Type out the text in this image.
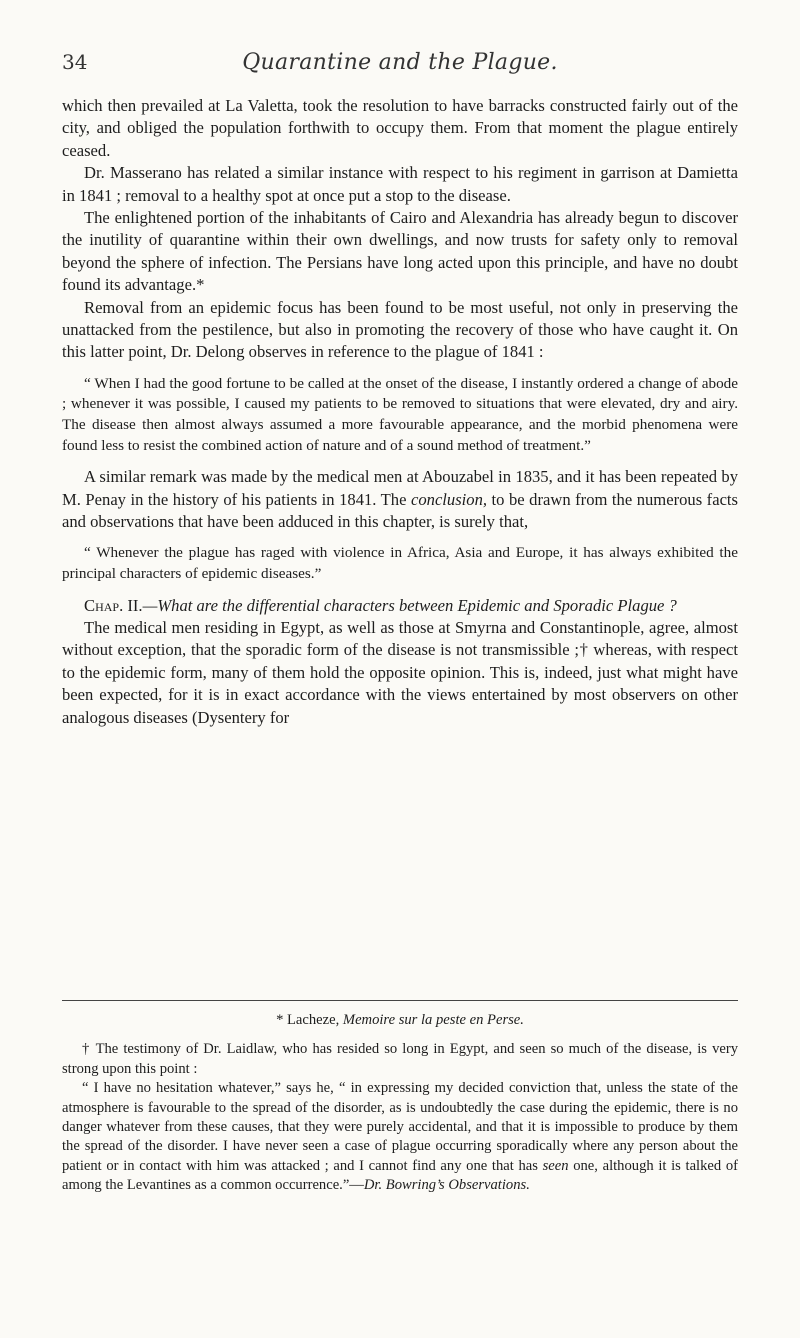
34	Quarantine and the Plague.

which then prevailed at La Valetta, took the resolution to have barracks constructed fairly out of the city, and obliged the population forthwith to occupy them. From that moment the plague entirely ceased.

Dr. Masserano has related a similar instance with respect to his regiment in garrison at Damietta in 1841 ; removal to a healthy spot at once put a stop to the disease.

The enlightened portion of the inhabitants of Cairo and Alexandria has already begun to discover the inutility of quarantine within their own dwellings, and now trusts for safety only to removal beyond the sphere of infection. The Persians have long acted upon this principle, and have no doubt found its advantage.*

Removal from an epidemic focus has been found to be most useful, not only in preserving the unattacked from the pestilence, but also in promoting the recovery of those who have caught it. On this latter point, Dr. Delong observes in reference to the plague of 1841 :

“ When I had the good fortune to be called at the onset of the disease, I instantly ordered a change of abode ; whenever it was possible, I caused my patients to be removed to situations that were elevated, dry and airy. The disease then almost always assumed a more favourable appearance, and the morbid phenomena were found less to resist the combined action of nature and of a sound method of treatment.”

A similar remark was made by the medical men at Abouzabel in 1835, and it has been repeated by M. Penay in the history of his patients in 1841. The conclusion, to be drawn from the numerous facts and observations that have been adduced in this chapter, is surely that,

“ Whenever the plague has raged with violence in Africa, Asia and Europe, it has always exhibited the principal characters of epidemic diseases.”

Chap. II.—What are the differential characters between Epidemic and Sporadic Plague ?

The medical men residing in Egypt, as well as those at Smyrna and Constantinople, agree, almost without exception, that the sporadic form of the disease is not transmissible ;† whereas, with respect to the epidemic form, many of them hold the opposite opinion. This is, indeed, just what might have been expected, for it is in exact accordance with the views entertained by most observers on other analogous diseases (Dysentery for

* Lacheze, Memoire sur la peste en Perse.

† The testimony of Dr. Laidlaw, who has resided so long in Egypt, and seen so much of the disease, is very strong upon this point :

“ I have no hesitation whatever,” says he, “ in expressing my decided conviction that, unless the state of the atmosphere is favourable to the spread of the disorder, as is undoubtedly the case during the epidemic, there is no danger whatever from these causes, that they were purely accidental, and that it is impossible to produce by them the spread of the disorder. I have never seen a case of plague occurring sporadically where any person about the patient or in contact with him was attacked ; and I cannot find any one that has seen one, although it is talked of among the Levantines as a common occurrence.”—Dr. Bowring’s Observations.
